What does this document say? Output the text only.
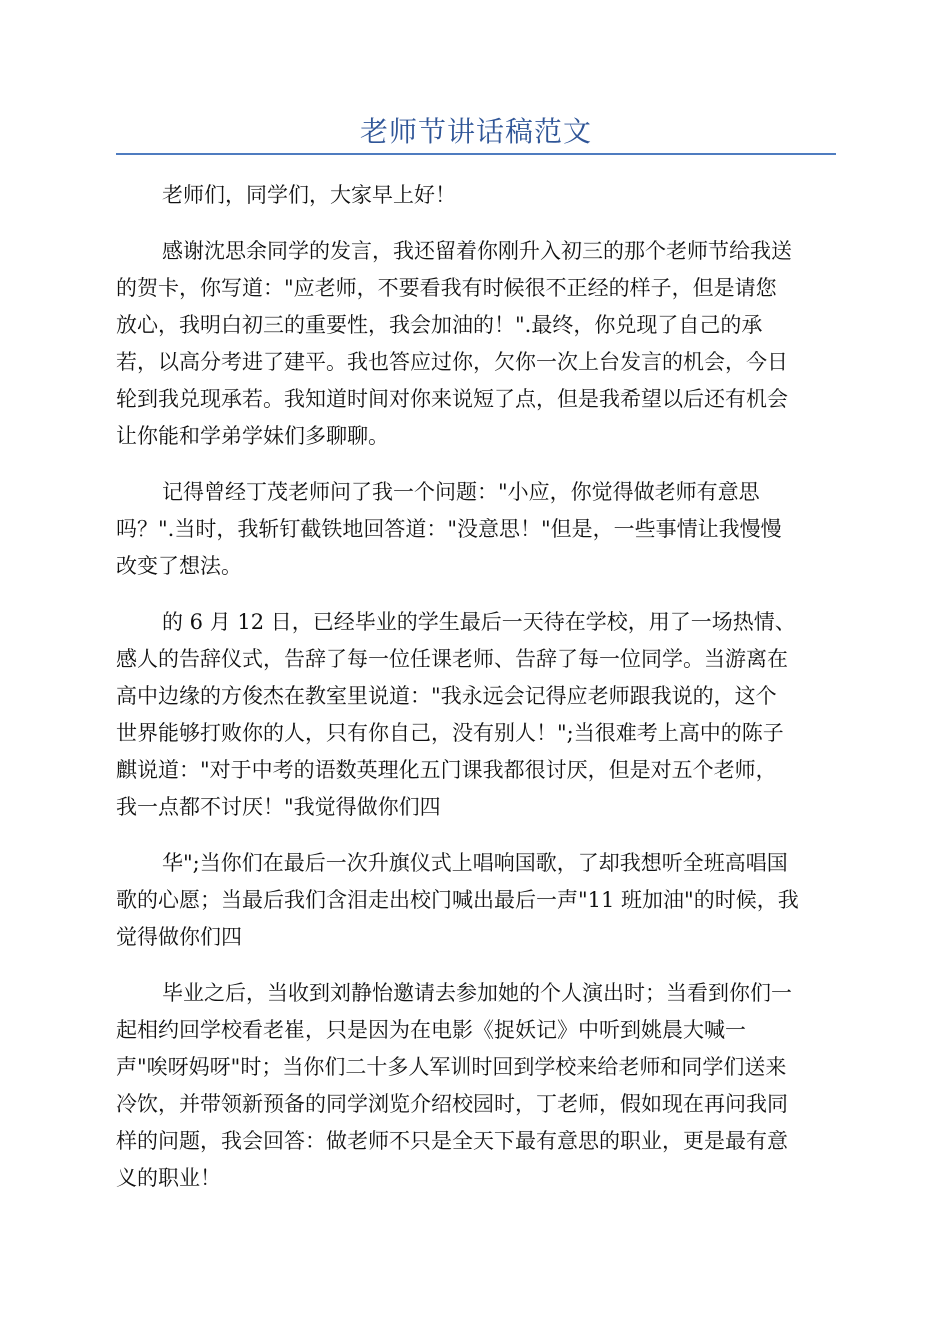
老师节讲话稿范文
老师们，同学们，大家早上好！
感谢沈思余同学的发言，我还留着你刚升入初三的那个老师节给我送
的贺卡，你写道："应老师，不要看我有时候很不正经的样子，但是请您
放心，我明白初三的重要性，我会加油的！".最终，你兑现了自己的承
若，以高分考进了建平。我也答应过你，欠你一次上台发言的机会，今日
轮到我兑现承若。我知道时间对你来说短了点，但是我希望以后还有机会
让你能和学弟学妹们多聊聊。
记得曾经丁茂老师问了我一个问题："小应，你觉得做老师有意思
吗？".当时，我斩钉截铁地回答道："没意思！"但是，一些事情让我慢慢
改变了想法。
的 6 月 12 日，已经毕业的学生最后一天待在学校，用了一场热情、
感人的告辞仪式，告辞了每一位任课老师、告辞了每一位同学。当游离在
高中边缘的方俊杰在教室里说道："我永远会记得应老师跟我说的，这个
世界能够打败你的人，只有你自己，没有别人！";当很难考上高中的陈子
麒说道："对于中考的语数英理化五门课我都很讨厌，但是对五个老师，
我一点都不讨厌！"我觉得做你们四
华";当你们在最后一次升旗仪式上唱响国歌，了却我想听全班高唱国
歌的心愿；当最后我们含泪走出校门喊出最后一声"11 班加油"的时候，我
觉得做你们四
毕业之后，当收到刘静怡邀请去参加她的个人演出时；当看到你们一
起相约回学校看老崔，只是因为在电影《捉妖记》中听到姚晨大喊一
声"唉呀妈呀"时；当你们二十多人军训时回到学校来给老师和同学们送来
冷饮，并带领新预备的同学浏览介绍校园时，丁老师，假如现在再问我同
样的问题，我会回答：做老师不只是全天下最有意思的职业，更是最有意
义的职业！
